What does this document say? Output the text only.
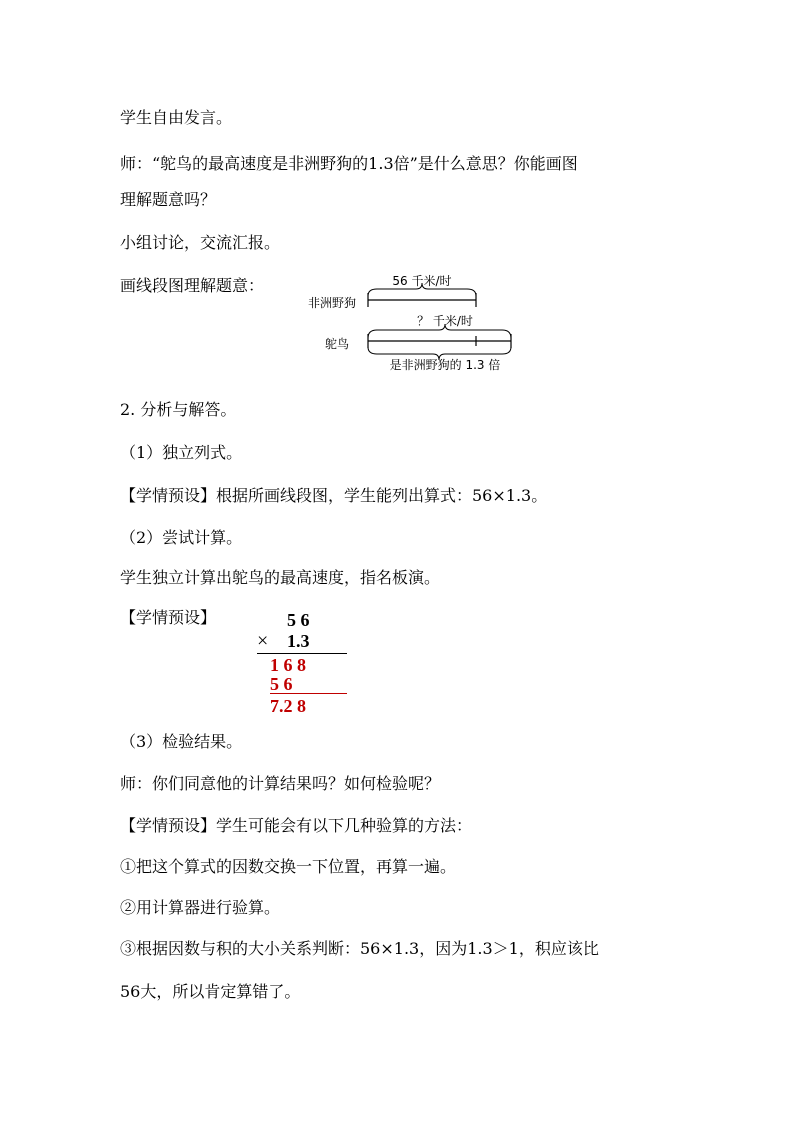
学生自由发言。
师：“鸵鸟的最高速度是非洲野狗的1.3倍”是什么意思？你能画图
理解题意吗？
小组讨论，交流汇报。
画线段图理解题意：	56 千米/时
非洲野狗
？ 千米/时
鸵鸟
是非洲野狗的 1.3 倍
2. 分析与解答。
（1）独立列式。
【学情预设】根据所画线段图，学生能列出算式：56×1.3。
（2）尝试计算。
学生独立计算出鸵鸟的最高速度，指名板演。
【学情预设】	5 6
× 1.3
1 6 8
5 6
7.2 8
（3）检验结果。
师：你们同意他的计算结果吗？如何检验呢？
【学情预设】学生可能会有以下几种验算的方法：
①把这个算式的因数交换一下位置，再算一遍。
②用计算器进行验算。
③根据因数与积的大小关系判断：56×1.3，因为1.3＞1，积应该比
56大，所以肯定算错了。
